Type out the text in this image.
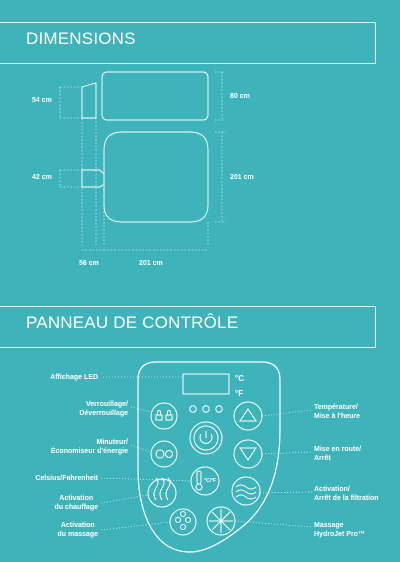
DIMENSIONS
PANNEAU DE CONTRÔLE
54 cm
42 cm
80 cm
201 cm
56 cm	201 cm
°C
°F
°C/°F
Affichage LED
Verrouillage/
Déverrouillage
Minuteur/
Économiseur d'énergie
Celsius/Fahrenheit
Activation
du chauffage
Activation
du massage
Température/
Mise à l'heure
Mise en route/
Arrêt
Activation/
Arrêt de la filtration
Massage
HydroJet Pro™
